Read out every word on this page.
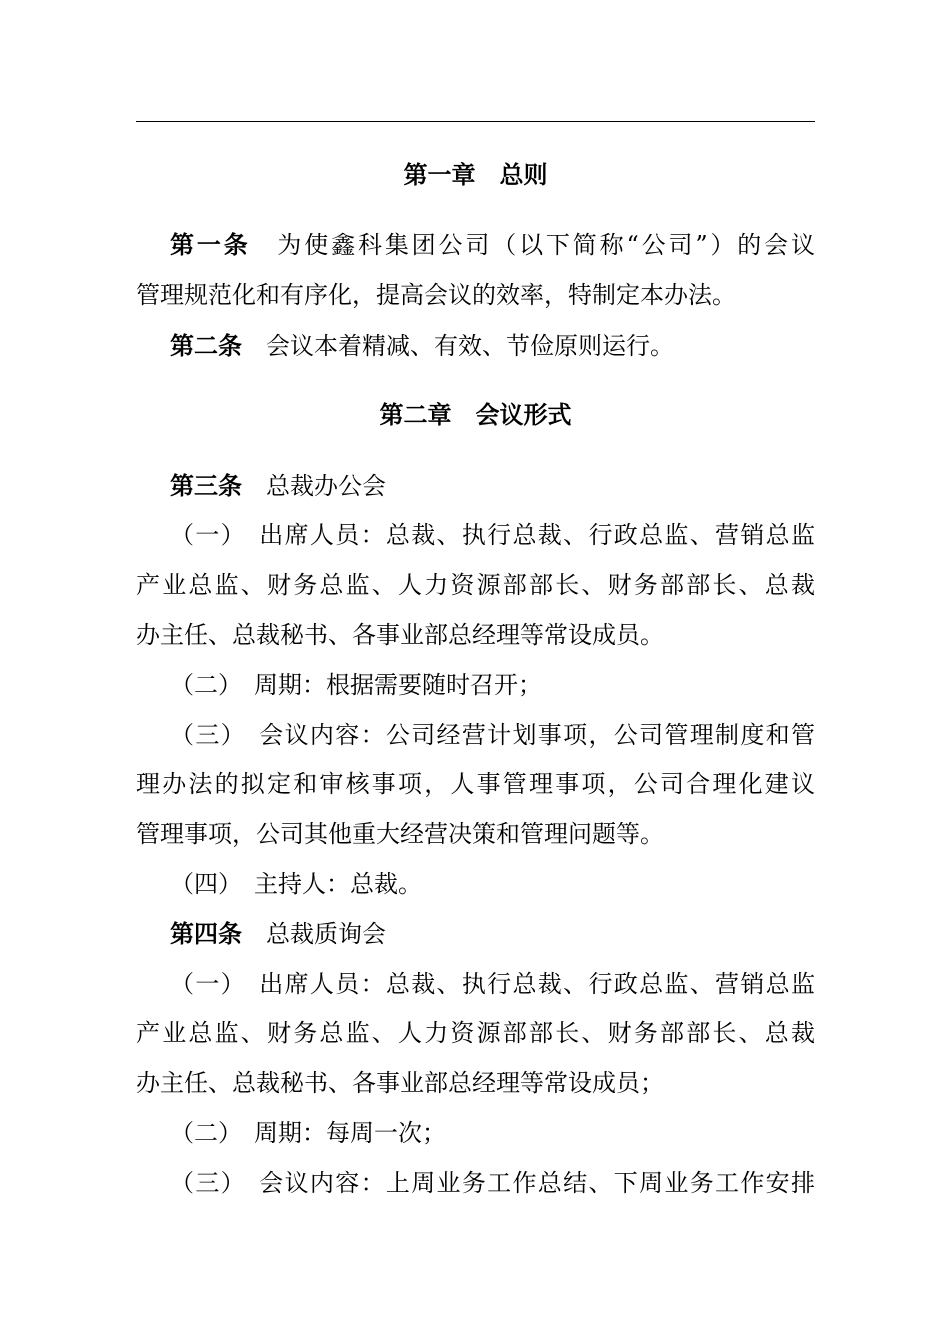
第一章 总则
第一条 为使鑫科集团公司（以下简称“公司”）的会议
管理规范化和有序化，提高会议的效率，特制定本办法。
第二条 会议本着精减、有效、节俭原则运行。
第二章 会议形式
第三条 总裁办公会
（一） 出席人员：总裁、执行总裁、行政总监、营销总监
产业总监、财务总监、人力资源部部长、财务部部长、总裁
办主任、总裁秘书、各事业部总经理等常设成员。
（二） 周期：根据需要随时召开；
（三） 会议内容：公司经营计划事项，公司管理制度和管
理办法的拟定和审核事项，人事管理事项，公司合理化建议
管理事项，公司其他重大经营决策和管理问题等。
（四） 主持人：总裁。
第四条 总裁质询会
（一） 出席人员：总裁、执行总裁、行政总监、营销总监
产业总监、财务总监、人力资源部部长、财务部部长、总裁
办主任、总裁秘书、各事业部总经理等常设成员；
（二） 周期：每周一次；
（三） 会议内容：上周业务工作总结、下周业务工作安排
